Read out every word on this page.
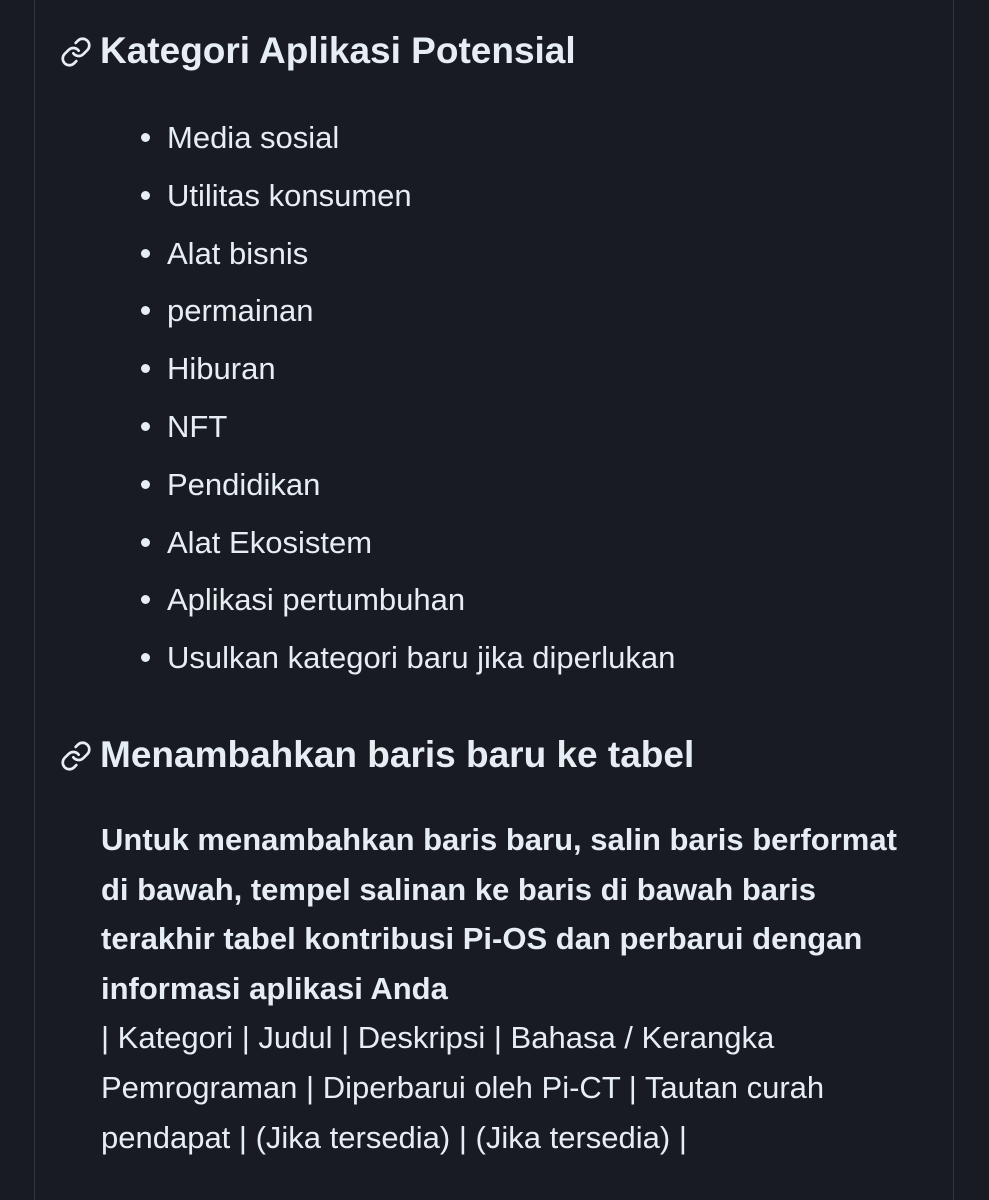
Kategori Aplikasi Potensial
Media sosial
Utilitas konsumen
Alat bisnis
permainan
Hiburan
NFT
Pendidikan
Alat Ekosistem
Aplikasi pertumbuhan
Usulkan kategori baru jika diperlukan
Menambahkan baris baru ke tabel

Untuk menambahkan baris baru, salin baris berformat di bawah, tempel salinan ke baris di bawah baris terakhir tabel kontribusi Pi-OS dan perbarui dengan informasi aplikasi Anda
| Kategori | Judul | Deskripsi | Bahasa / Kerangka Pemrograman | Diperbarui oleh Pi-CT | Tautan curah pendapat | (Jika tersedia) | (Jika tersedia) |
